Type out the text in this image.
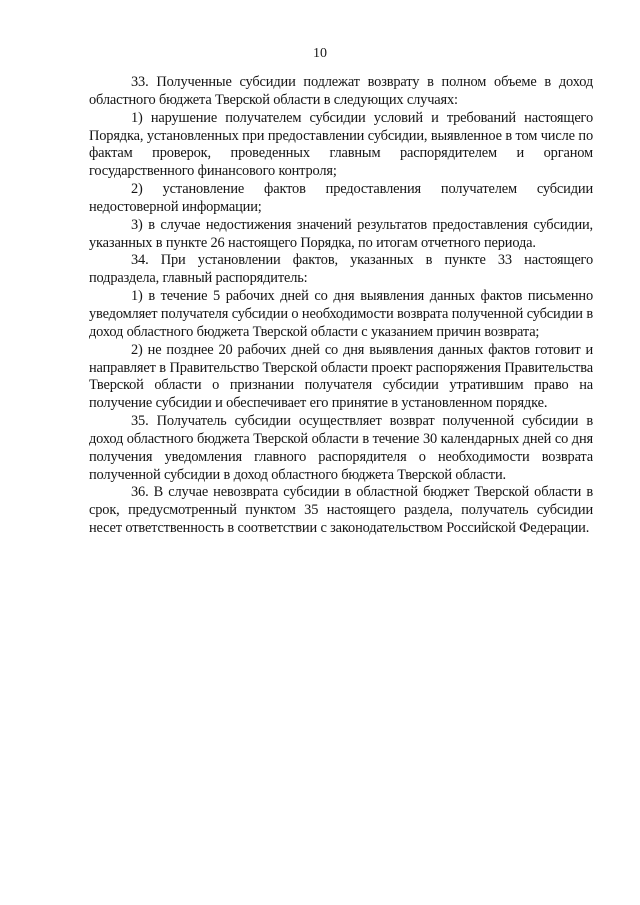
10

33. Полученные субсидии подлежат возврату в полном объеме в доход областного бюджета Тверской области в следующих случаях:

1) нарушение получателем субсидии условий и требований настоящего Порядка, установленных при предоставлении субсидии, выявленное в том числе по фактам проверок, проведенных главным распорядителем и органом государственного финансового контроля;

2) установление фактов предоставления получателем субсидии недостоверной информации;

3) в случае недостижения значений результатов предоставления субсидии, указанных в пункте 26 настоящего Порядка, по итогам отчетного периода.

34. При установлении фактов, указанных в пункте 33 настоящего подраздела, главный распорядитель:

1) в течение 5 рабочих дней со дня выявления данных фактов письменно уведомляет получателя субсидии о необходимости возврата полученной субсидии в доход областного бюджета Тверской области с указанием причин возврата;

2) не позднее 20 рабочих дней со дня выявления данных фактов готовит и направляет в Правительство Тверской области проект распоряжения Правительства Тверской области о признании получателя субсидии утратившим право на получение субсидии и обеспечивает его принятие в установленном порядке.

35. Получатель субсидии осуществляет возврат полученной субсидии в доход областного бюджета Тверской области в течение 30 календарных дней со дня получения уведомления главного распорядителя о необходимости возврата полученной субсидии в доход областного бюджета Тверской области.

36. В случае невозврата субсидии в областной бюджет Тверской области в срок, предусмотренный пунктом 35 настоящего раздела, получатель субсидии несет ответственность в соответствии с законодательством Российской Федерации.
